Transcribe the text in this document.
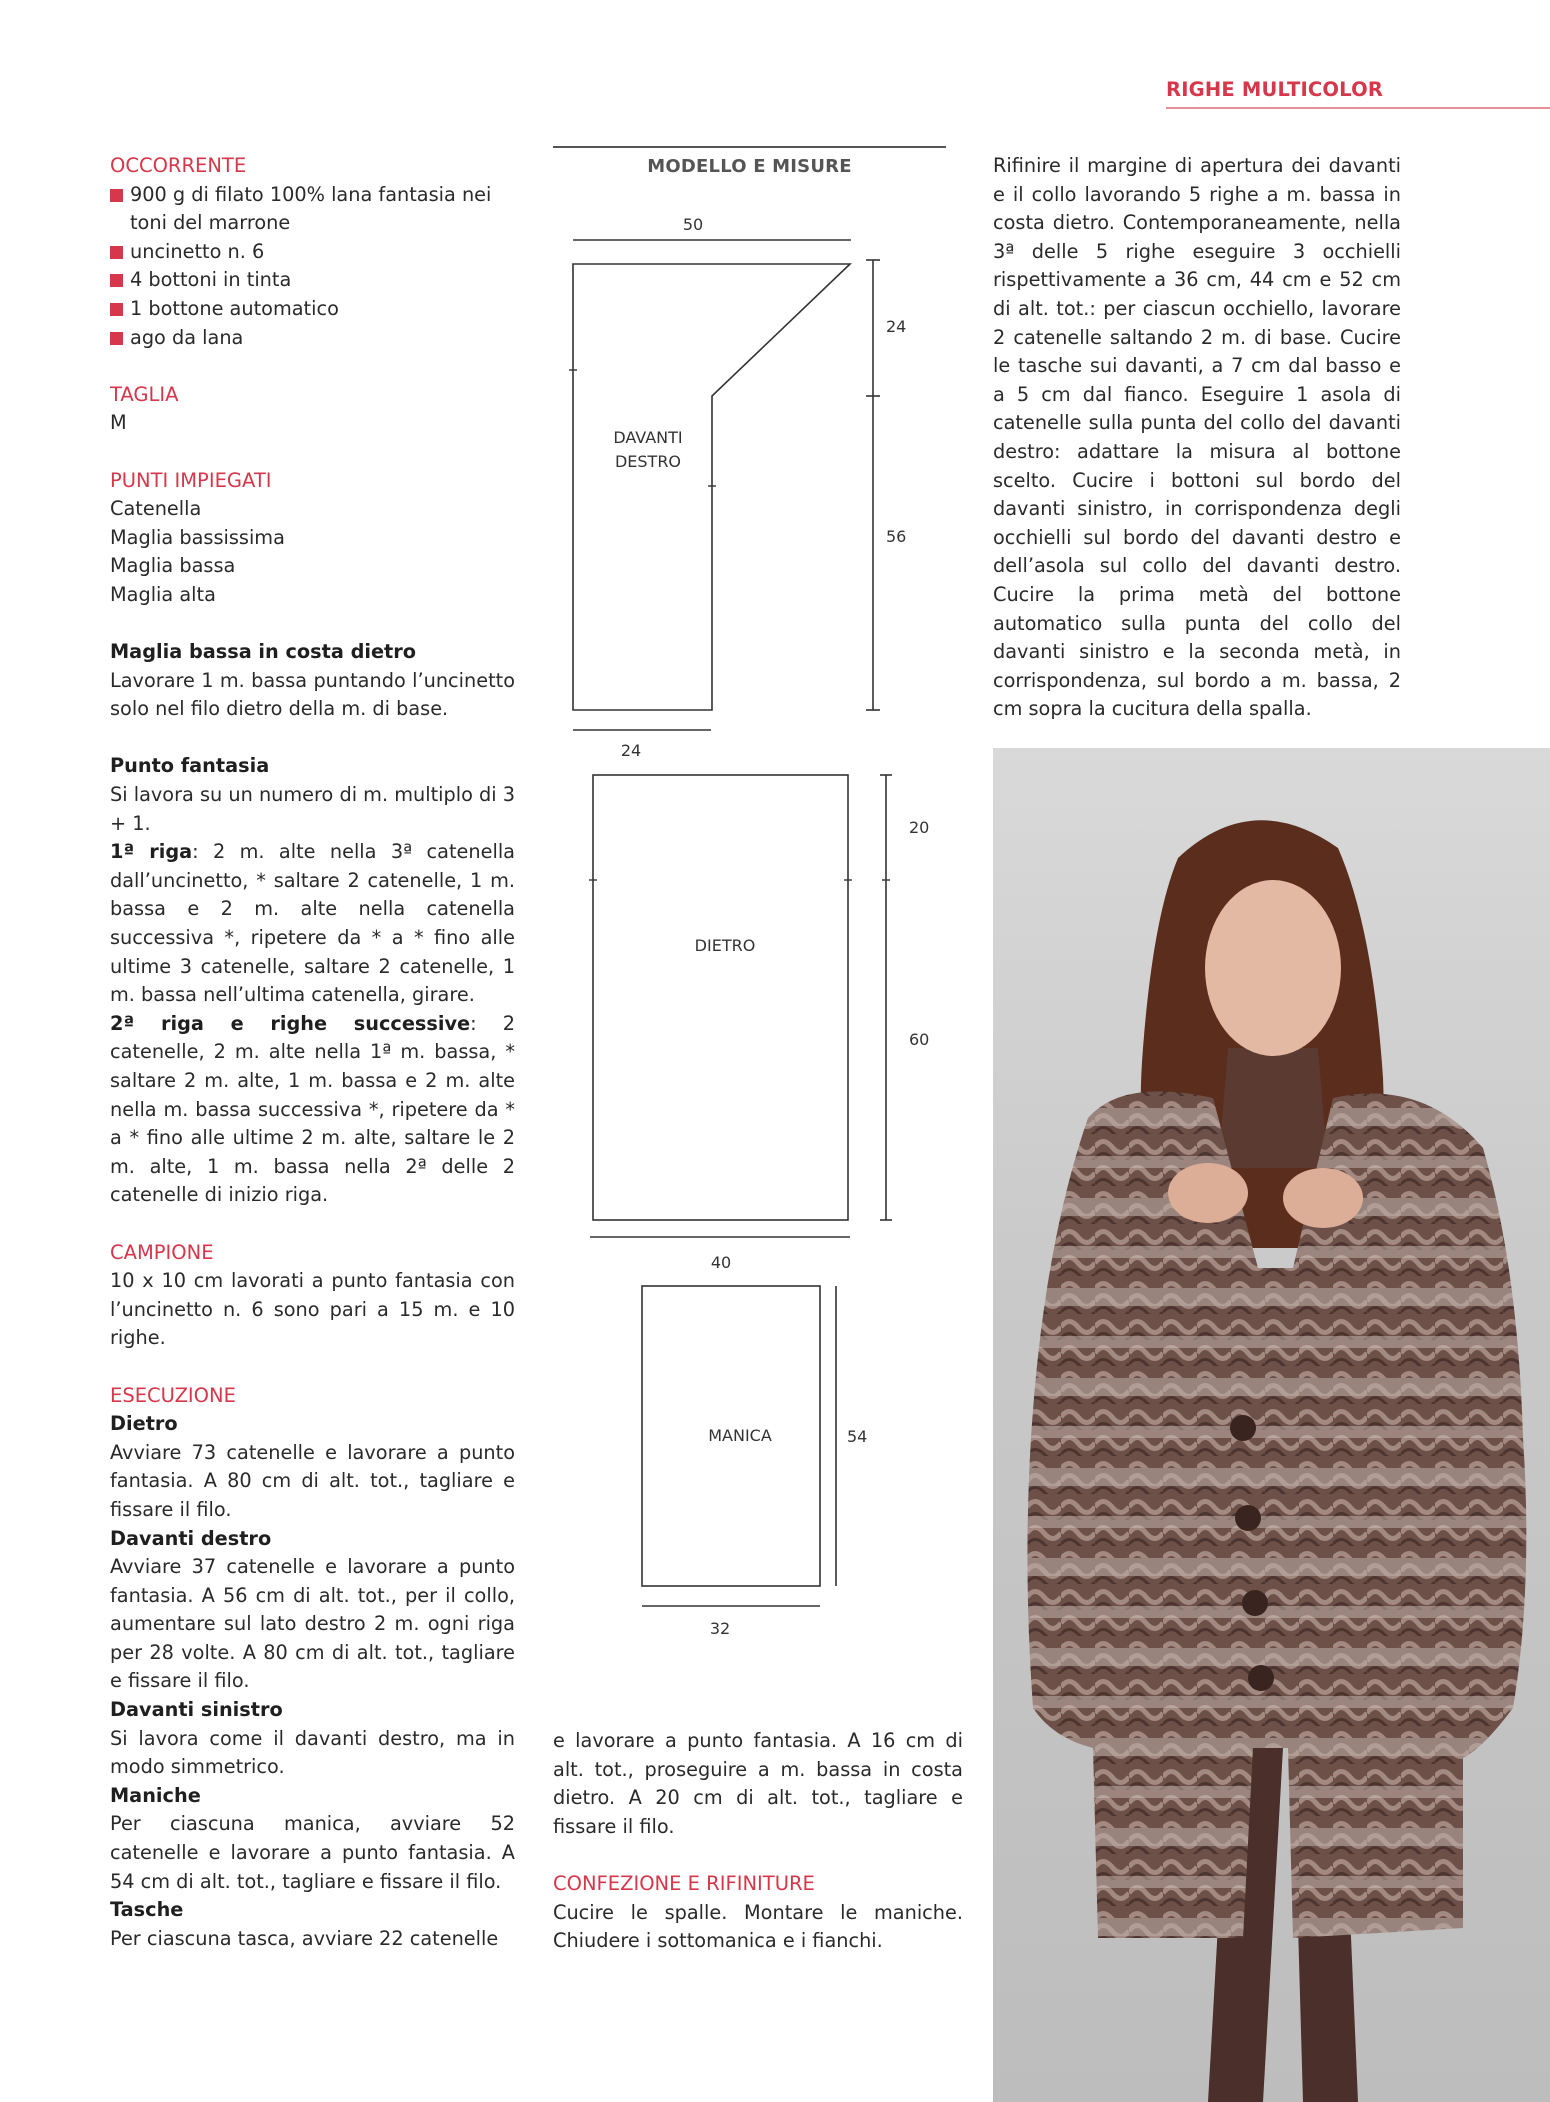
RIGHE MULTICOLOR

OCCORRENTE

900 g di filato 100% lana fantasia nei toni del marrone
uncinetto n. 6
4 bottoni in tinta
1 bottone automatico
ago da lana

TAGLIA

M

PUNTI IMPIEGATI

Catenella

Maglia bassissima

Maglia bassa

Maglia alta

Maglia bassa in costa dietro

Lavorare 1 m. bassa puntando l’uncinetto solo nel filo dietro della m. di base.

Punto fantasia

Si lavora su un numero di m. multiplo di 3 + 1.

1ª riga: 2 m. alte nella 3ª catenella dall’uncinetto, * saltare 2 catenelle, 1 m. bassa e 2 m. alte nella catenella successiva *, ripetere da * a * fino alle ultime 3 catenelle, saltare 2 catenelle, 1 m. bassa nell’ultima catenella, girare.

2ª riga e righe successive: 2 catenelle, 2 m. alte nella 1ª m. bassa, * saltare 2 m. alte, 1 m. bassa e 2 m. alte nella m. bassa successiva *, ripetere da * a * fino alle ultime 2 m. alte, saltare le 2 m. alte, 1 m. bassa nella 2ª delle 2 catenelle di inizio riga.

CAMPIONE

10 x 10 cm lavorati a punto fantasia con l’uncinetto n. 6 sono pari a 15 m. e 10 righe.

ESECUZIONE

Dietro

Avviare 73 catenelle e lavorare a punto fantasia. A 80 cm di alt. tot., tagliare e fissare il filo.

Davanti destro

Avviare 37 catenelle e lavorare a punto fantasia. A 56 cm di alt. tot., per il collo, aumentare sul lato destro 2 m. ogni riga per 28 volte. A 80 cm di alt. tot., tagliare e fissare il filo.

Davanti sinistro

Si lavora come il davanti destro, ma in modo simmetrico.

Maniche

Per ciascuna manica, avviare 52 catenelle e lavorare a punto fantasia. A 54 cm di alt. tot., tagliare e fissare il filo.

Tasche

Per ciascuna tasca, avviare 22 catenelle

MODELLO E MISURE
50
24
DAVANTI
DESTRO
56
24
20
DIETRO
60
40
MANICA	54
32

e lavorare a punto fantasia. A 16 cm di alt. tot., proseguire a m. bassa in costa dietro. A 20 cm di alt. tot., tagliare e fissare il filo.

CONFEZIONE E RIFINITURE

Cucire le spalle. Montare le maniche. Chiudere i sottomanica e i fianchi.

Rifinire il margine di apertura dei davanti e il collo lavorando 5 righe a m. bassa in costa dietro. Contemporaneamente, nella 3ª delle 5 righe eseguire 3 occhielli rispettivamente a 36 cm, 44 cm e 52 cm di alt. tot.: per ciascun occhiello, lavorare 2 catenelle saltando 2 m. di base. Cucire le tasche sui davanti, a 7 cm dal basso e a 5 cm dal fianco. Eseguire 1 asola di catenelle sulla punta del collo del davanti destro: adattare la misura al bottone scelto. Cucire i bottoni sul bordo del davanti sinistro, in corrispondenza degli occhielli sul bordo del davanti destro e dell’asola sul collo del davanti destro. Cucire la prima metà del bottone automatico sulla punta del collo del davanti sinistro e la seconda metà, in corrispondenza, sul bordo a m. bassa, 2 cm sopra la cucitura della spalla.
